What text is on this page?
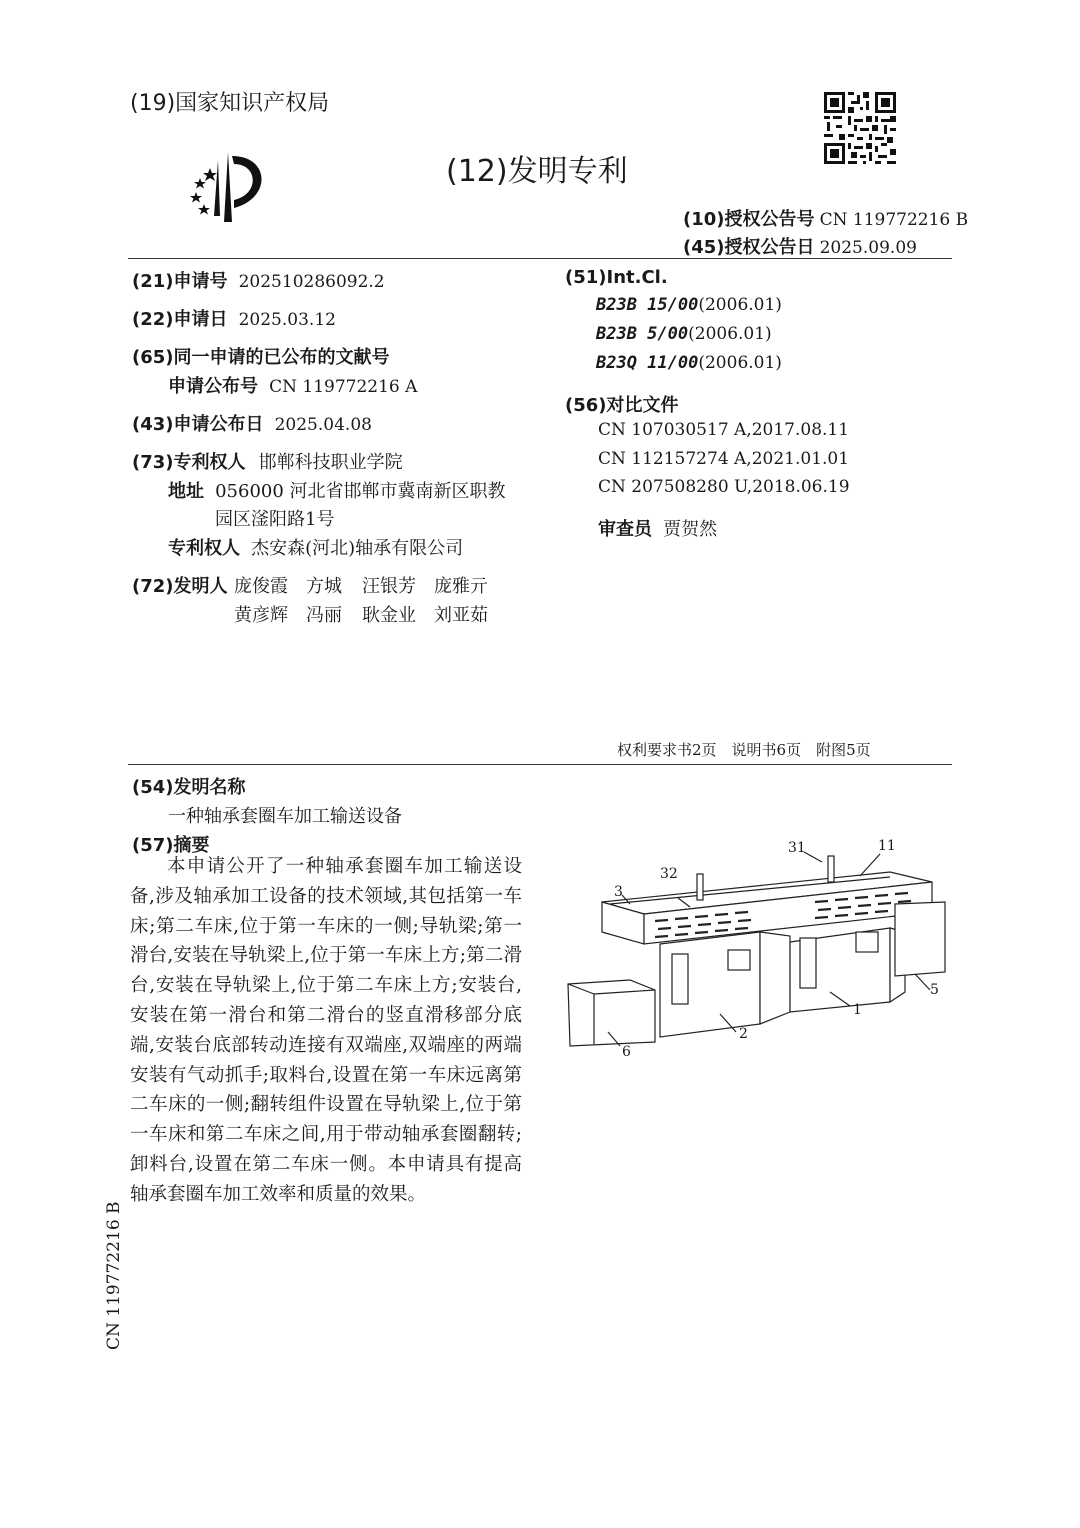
(19)国家知识产权局
(12)发明专利
(10)授权公告号 CN 119772216 B
(45)授权公告日 2025.09.09
(21)申请号 202510286092.2
(22)申请日 2025.03.12
(65)同一申请的已公布的文献号
申请公布号 CN 119772216 A
(43)申请公布日 2025.04.08
(73)专利权人 邯郸科技职业学院
地址 056000 河北省邯郸市冀南新区职教
园区滏阳路1号
专利权人 杰安森(河北)轴承有限公司
(72)发明人 庞俊霞 方城 汪银芳 庞雅亓
黄彦辉 冯丽 耿金业 刘亚茹
(51)Int.Cl.
B23B 15/00(2006.01)
B23B 5/00(2006.01)
B23Q 11/00(2006.01)
(56)对比文件
CN 107030517 A,2017.08.11
CN 112157274 A,2021.01.01
CN 207508280 U,2018.06.19
审查员 贾贺然
权利要求书2页　说明书6页　附图5页
(54)发明名称
一种轴承套圈车加工输送设备
(57)摘要

本申请公开了一种轴承套圈车加工输送设备,涉及轴承加工设备的技术领域,其包括第一车床;第二车床,位于第一车床的一侧;导轨梁;第一滑台,安装在导轨梁上,位于第一车床上方;第二滑台,安装在导轨梁上,位于第二车床上方;安装台,安装在第一滑台和第二滑台的竖直滑移部分底端,安装台底部转动连接有双端座,双端座的两端安装有气动抓手;取料台,设置在第一车床远离第二车床的一侧;翻转组件设置在导轨梁上,位于第一车床和第二车床之间,用于带动轴承套圈翻转;卸料台,设置在第二车床一侧。本申请具有提高轴承套圈车加工效率和质量的效果。

CN 119772216 B
31	11
32
3
5
1
2
6
